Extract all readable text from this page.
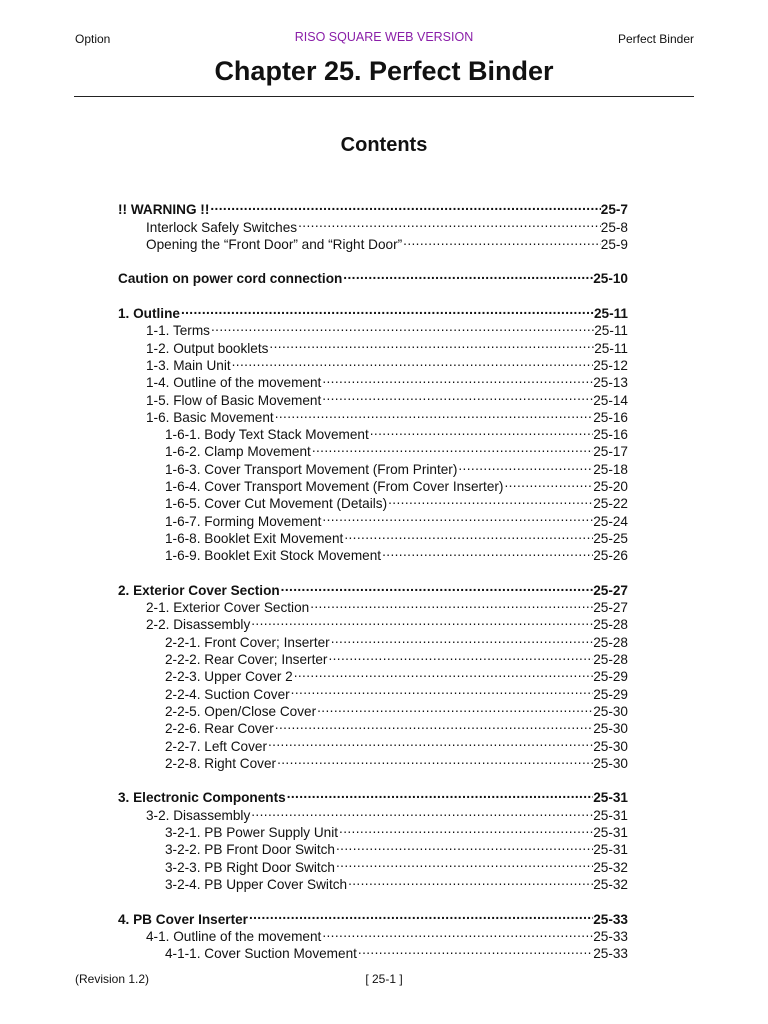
Option	RISO SQUARE WEB VERSION	Perfect Binder
Chapter 25. Perfect Binder
Contents
!! WARNING !! .....	25-7
Interlock Safely Switches .....	25-8
Opening the “Front Door” and “Right Door” .....	25-9
Caution on power cord connection .....	25-10
1. Outline .....	25-11
1-1. Terms .....	25-11
1-2. Output booklets .....	25-11
1-3. Main Unit .....	25-12
1-4. Outline of the movement .....	25-13
1-5. Flow of Basic Movement .....	25-14
1-6. Basic Movement .....	25-16
1-6-1. Body Text Stack Movement .....	25-16
1-6-2. Clamp Movement .....	25-17
1-6-3. Cover Transport Movement (From Printer) .....	25-18
1-6-4. Cover Transport Movement (From Cover Inserter) .....	25-20
1-6-5. Cover Cut Movement (Details) .....	25-22
1-6-7. Forming Movement .....	25-24
1-6-8. Booklet Exit Movement .....	25-25
1-6-9. Booklet Exit Stock Movement .....	25-26
2. Exterior Cover Section .....	25-27
2-1. Exterior Cover Section .....	25-27
2-2. Disassembly .....	25-28
2-2-1. Front Cover; Inserter .....	25-28
2-2-2. Rear Cover; Inserter .....	25-28
2-2-3. Upper Cover 2 .....	25-29
2-2-4. Suction Cover .....	25-29
2-2-5. Open/Close Cover .....	25-30
2-2-6. Rear Cover .....	25-30
2-2-7. Left Cover .....	25-30
2-2-8. Right Cover .....	25-30
3. Electronic Components .....	25-31
3-2. Disassembly .....	25-31
3-2-1. PB Power Supply Unit .....	25-31
3-2-2. PB Front Door Switch .....	25-31
3-2-3. PB Right Door Switch .....	25-32
3-2-4. PB Upper Cover Switch .....	25-32
4. PB Cover Inserter .....	25-33
4-1. Outline of the movement .....	25-33
4-1-1. Cover Suction Movement .....	25-33
(Revision 1.2)	[ 25-1 ]
